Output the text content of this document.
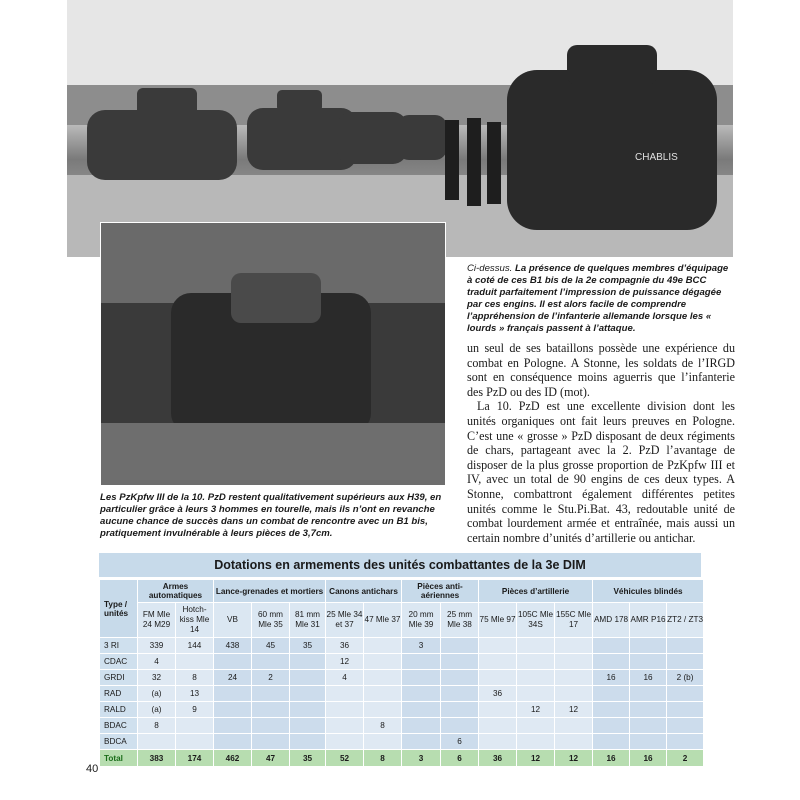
CHABLIS
Ci-dessus. La présence de quelques membres d’équipage à coté de ces B1 bis de la 2e compagnie du 49e BCC traduit parfaitement l’impression de puissance dégagée par ces engins. Il est alors facile de comprendre l’appréhension de l’infanterie allemande lorsque les « lourds » français passent à l’attaque.
Les PzKpfw III de la 10. PzD restent qualitativement supérieurs aux H39, en particulier grâce à leurs 3 hommes en tourelle, mais ils n’ont en revanche aucune chance de succès dans un combat de rencontre avec un B1 bis, pratiquement invulnérable à leurs pièces de 3,7cm.

un seul de ses bataillons possède une expérience du combat en Pologne. A Stonne, les soldats de l’IRGD sont en conséquence moins aguerris que l’infanterie des PzD ou des ID (mot).

La 10. PzD est une excellente division dont les unités organiques ont fait leurs preuves en Pologne. C’est une « grosse » PzD disposant de deux régiments de chars, partageant avec la 2. PzD l’avantage de disposer de la plus grosse proportion de PzKpfw III et IV, avec un total de 90 engins de ces deux types. A Stonne, combattront également différentes petites unités comme le Stu.Pi.Bat. 43, redoutable unité de combat lourdement armée et entraînée, mais aussi un certain nombre d’unités d’artillerie ou antichar.

Dotations en armements des unités combattantes de la 3e DIM
Type / unités	Armes automatiques		Lance-grenades et mortiers			Canons antichars		Pièces anti-aériennes		Pièces d’artillerie			Véhicules blindés		
	FM Mle 24 M29	Hotch-kiss Mle 14	VB	60 mm Mle 35	81 mm Mle 31	25 Mle 34 et 37	47 Mle 37	20 mm Mle 39	25 mm Mle 38	75 Mle 97	105C Mle 34S	155C Mle 17	AMD 178	AMR P16	ZT2 / ZT3
3 RI	339	144	438	45	35	36		3							
CDAC	4					12									
GRDI	32	8	24	2		4							16	16	2 (b)
RAD	(a)	13								36					
RALD	(a)	9									12	12			
BDAC	8						8								
BDCA									6						
Total	383	174	462	47	35	52	8	3	6	36	12	12	16	16	2
40
